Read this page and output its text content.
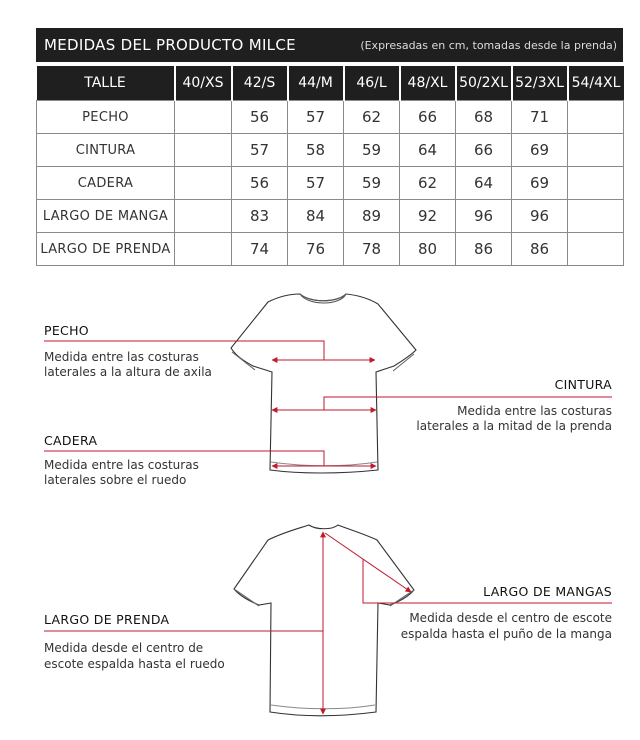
MEDIDAS DEL PRODUCTO MILCE	(Expresadas en cm, tomadas desde la prenda)
TALLE	40/XS	42/S	44/M	46/L	48/XL	50/2XL	52/3XL	54/4XL
PECHO		56	57	62	66	68	71	
CINTURA		57	58	59	64	66	69	
CADERA		56	57	59	62	64	69	
LARGO DE MANGA		83	84	89	92	96	96	
LARGO DE PRENDA		74	76	78	80	86	86	
PECHO
Medida entre las costuras
laterales a la altura de axila
CINTURA
Medida entre las costuras
laterales a la mitad de la prenda
CADERA
Medida entre las costuras
laterales sobre el ruedo
LARGO DE MANGAS
Medida desde el centro de escote
espalda hasta el puño de la manga
LARGO DE PRENDA
Medida desde el centro de
escote espalda hasta el ruedo
